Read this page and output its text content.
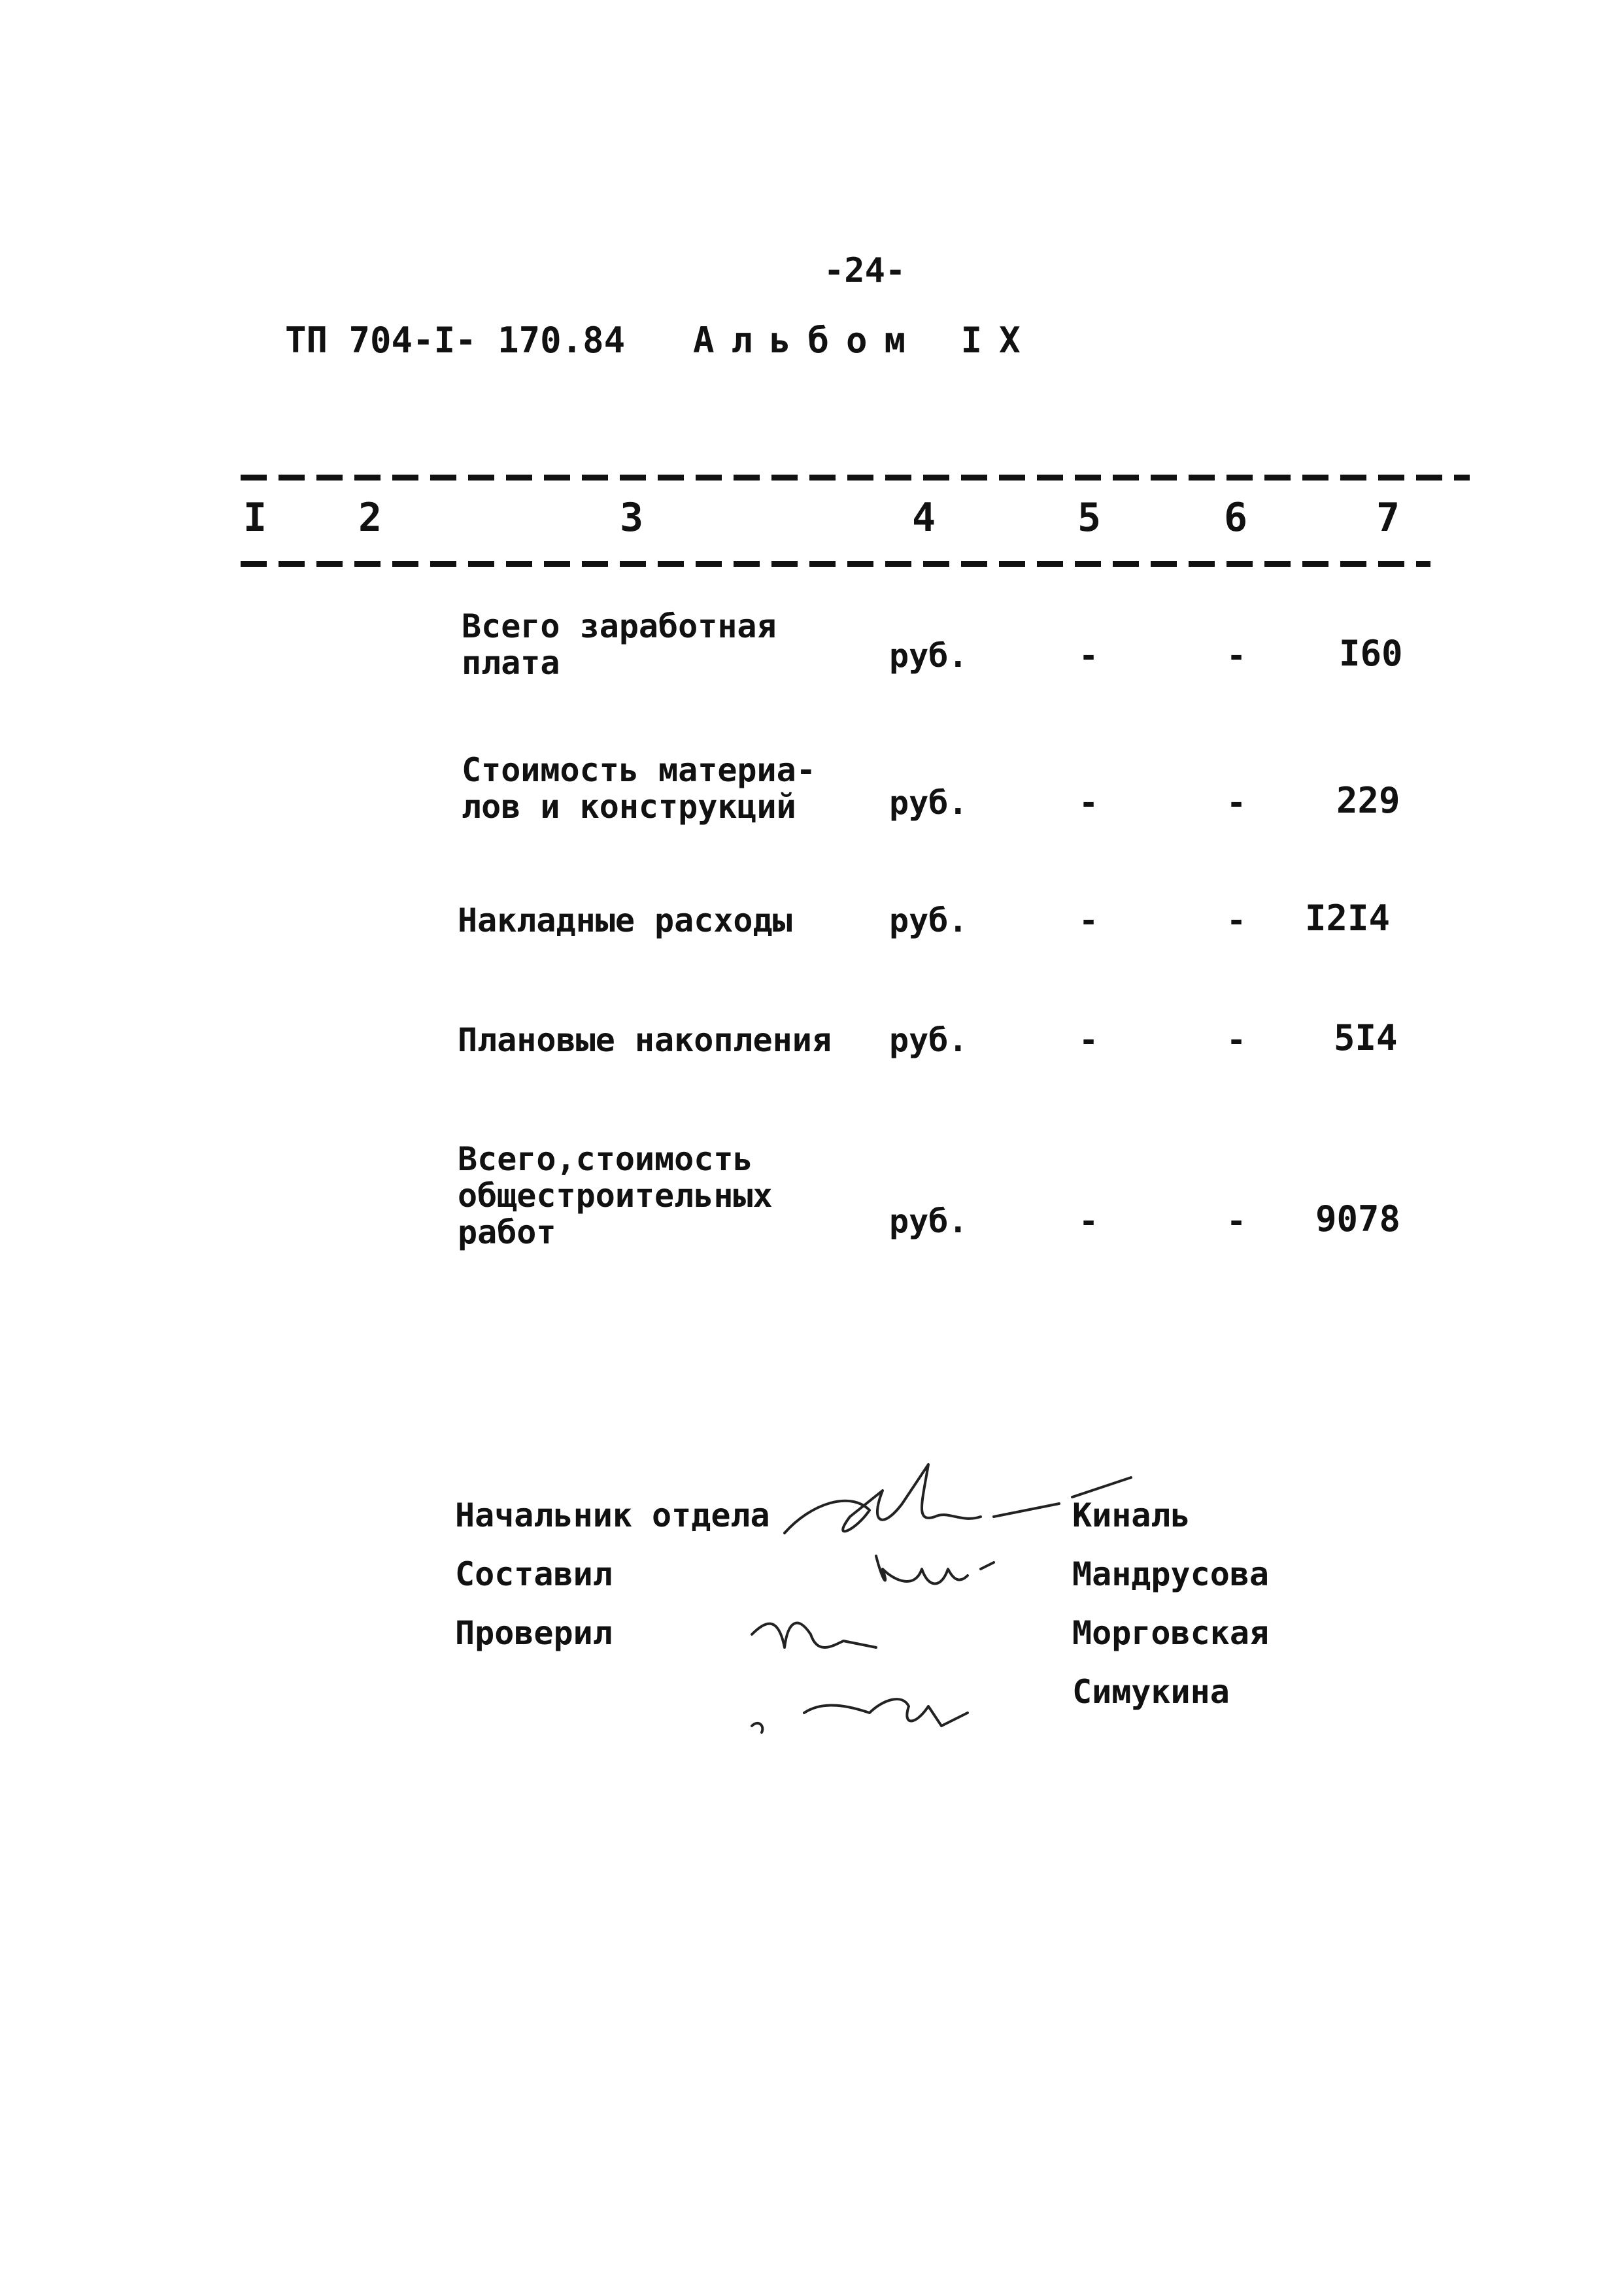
-24-
ТП 704-I- 170.84 Альбом IX
I 2	3	4	5	6	7
Всего заработная
плата	руб.	-	-	I60
Стоимость материа-
лов и конструкций	руб.	-	-	229
Накладные расходы	руб.	-	- I2I4
Плановые накопления руб.	-	- 5I4
Всего,стоимость
общестроительных
работ	руб.	-	- 9078
Начальник отдела	Киналь
Составил	Мандрусова
Проверил	Морговская
Симукина
